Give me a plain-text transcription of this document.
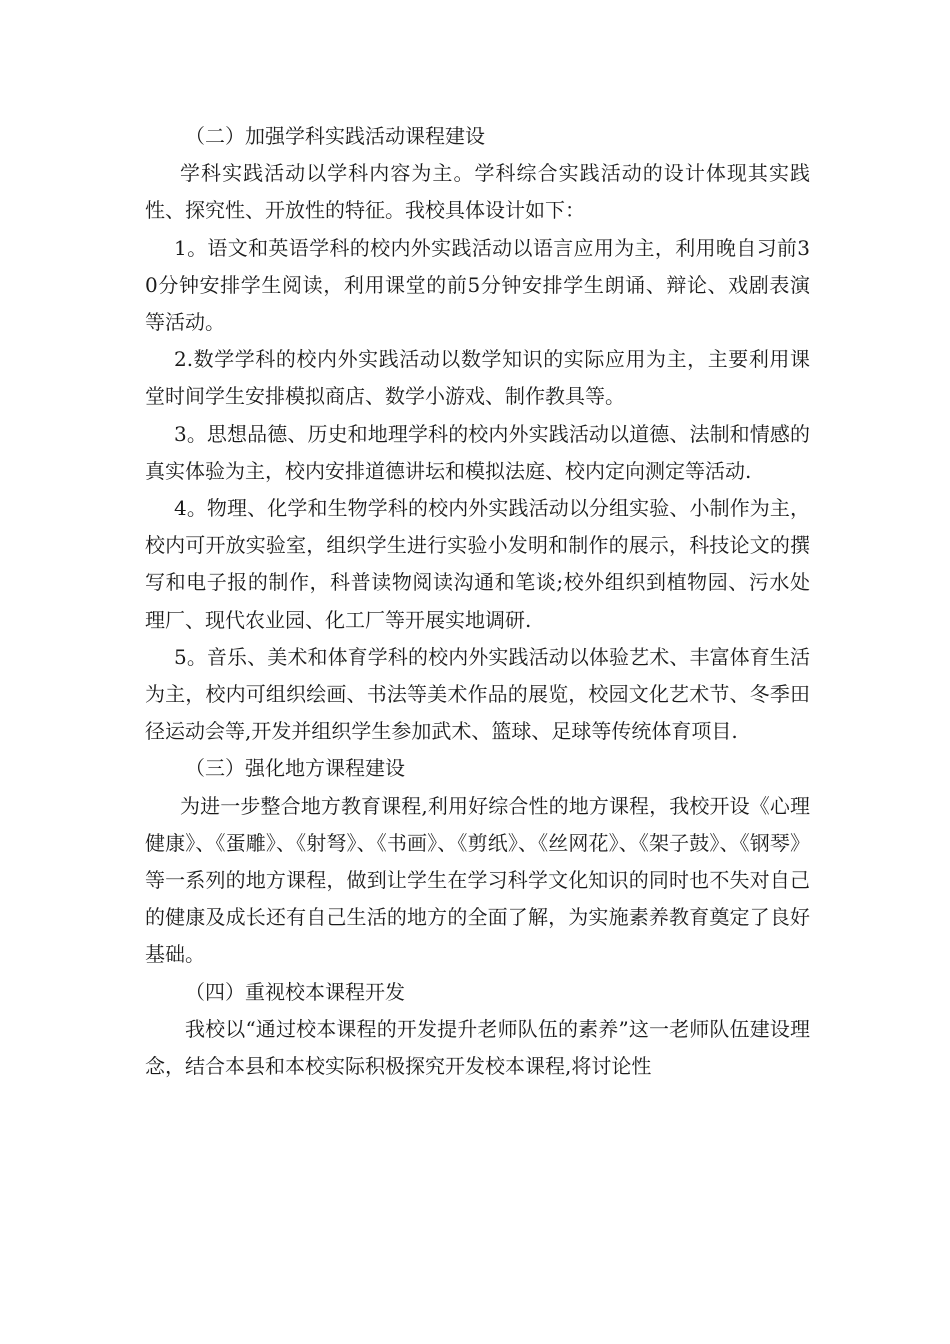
（二）加强学科实践活动课程建设

学科实践活动以学科内容为主。学科综合实践活动的设计体现其实践性、探究性、开放性的特征。我校具体设计如下：

1。语文和英语学科的校内外实践活动以语言应用为主，利用晚自习前30分钟安排学生阅读，利用课堂的前5分钟安排学生朗诵、辩论、戏剧表演等活动。

2.数学学科的校内外实践活动以数学知识的实际应用为主，主要利用课堂时间学生安排模拟商店、数学小游戏、制作教具等。

3。思想品德、历史和地理学科的校内外实践活动以道德、法制和情感的真实体验为主，校内安排道德讲坛和模拟法庭、校内定向测定等活动.

4。物理、化学和生物学科的校内外实践活动以分组实验、小制作为主，校内可开放实验室，组织学生进行实验小发明和制作的展示，科技论文的撰写和电子报的制作，科普读物阅读沟通和笔谈;校外组织到植物园、污水处理厂、现代农业园、化工厂等开展实地调研.

5。音乐、美术和体育学科的校内外实践活动以体验艺术、丰富体育生活为主，校内可组织绘画、书法等美术作品的展览，校园文化艺术节、冬季田径运动会等,开发并组织学生参加武术、篮球、足球等传统体育项目.

（三）强化地方课程建设

为进一步整合地方教育课程,利用好综合性的地方课程，我校开设《心理健康》、《蛋雕》、《射弩》、《书画》、《剪纸》、《丝网花》、《架子鼓》、《钢琴》等一系列的地方课程，做到让学生在学习科学文化知识的同时也不失对自己的健康及成长还有自己生活的地方的全面了解，为实施素养教育奠定了良好基础。

（四）重视校本课程开发

我校以“通过校本课程的开发提升老师队伍的素养”这一老师队伍建设理念，结合本县和本校实际积极探究开发校本课程,将讨论性
